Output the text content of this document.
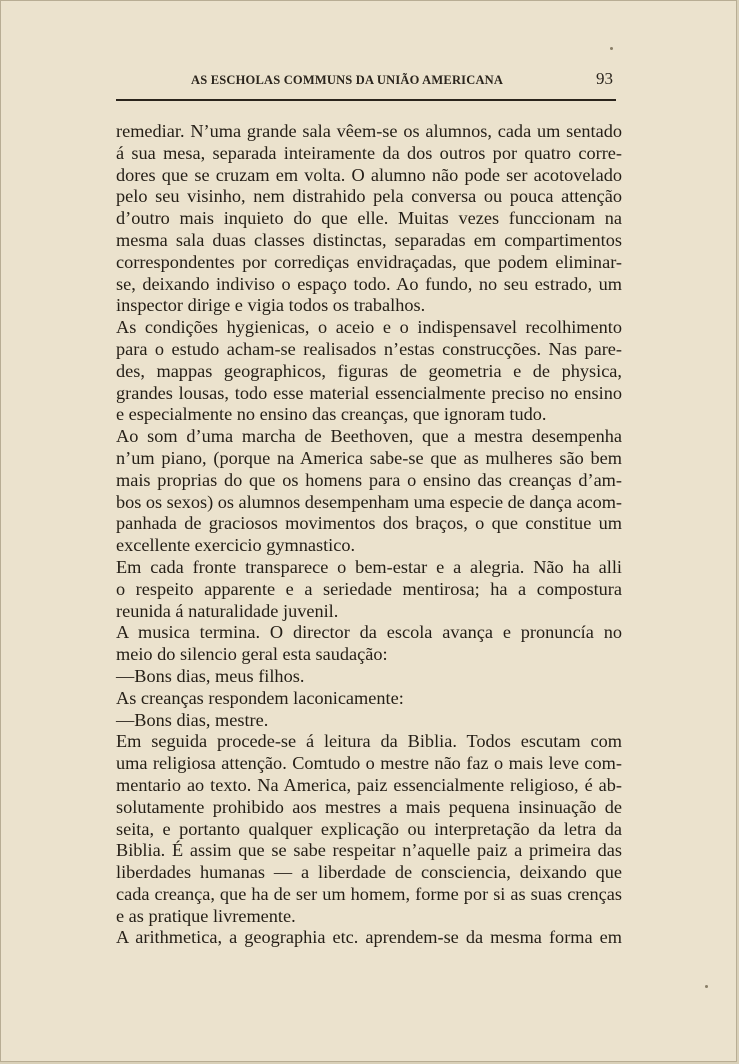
AS ESCHOLAS COMMUNS DA UNIÃO AMERICANA	93
remediar. N’uma grande sala vêem-se os alumnos, cada um sentado
á sua mesa, separada inteiramente da dos outros por quatro corre-
dores que se cruzam em volta. O alumno não pode ser acotovelado
pelo seu visinho, nem distrahido pela conversa ou pouca attenção
d’outro mais inquieto do que elle. Muitas vezes funccionam na
mesma sala duas classes distinctas, separadas em compartimentos
correspondentes por corrediças envidraçadas, que podem eliminar-
se, deixando indiviso o espaço todo. Ao fundo, no seu estrado, um
inspector dirige e vigia todos os trabalhos.
As condições hygienicas, o aceio e o indispensavel recolhimento
para o estudo acham-se realisados n’estas construcções. Nas pare-
des, mappas geographicos, figuras de geometria e de physica,
grandes lousas, todo esse material essencialmente preciso no ensino
e especialmente no ensino das creanças, que ignoram tudo.
Ao som d’uma marcha de Beethoven, que a mestra desempenha
n’um piano, (porque na America sabe-se que as mulheres são bem
mais proprias do que os homens para o ensino das creanças d’am-
bos os sexos) os alumnos desempenham uma especie de dança acom-
panhada de graciosos movimentos dos braços, o que constitue um
excellente exercicio gymnastico.
Em cada fronte transparece o bem-estar e a alegria. Não ha alli
o respeito apparente e a seriedade mentirosa; ha a compostura
reunida á naturalidade juvenil.
A musica termina. O director da escola avança e pronuncía no
meio do silencio geral esta saudação:
—Bons dias, meus filhos.
As creanças respondem laconicamente:
—Bons dias, mestre.
Em seguida procede-se á leitura da Biblia. Todos escutam com
uma religiosa attenção. Comtudo o mestre não faz o mais leve com-
mentario ao texto. Na America, paiz essencialmente religioso, é ab-
solutamente prohibido aos mestres a mais pequena insinuação de
seita, e portanto qualquer explicação ou interpretação da letra da
Biblia. É assim que se sabe respeitar n’aquelle paiz a primeira das
liberdades humanas — a liberdade de consciencia, deixando que
cada creança, que ha de ser um homem, forme por si as suas crenças
e as pratique livremente.
A arithmetica, a geographia etc. aprendem-se da mesma forma em
